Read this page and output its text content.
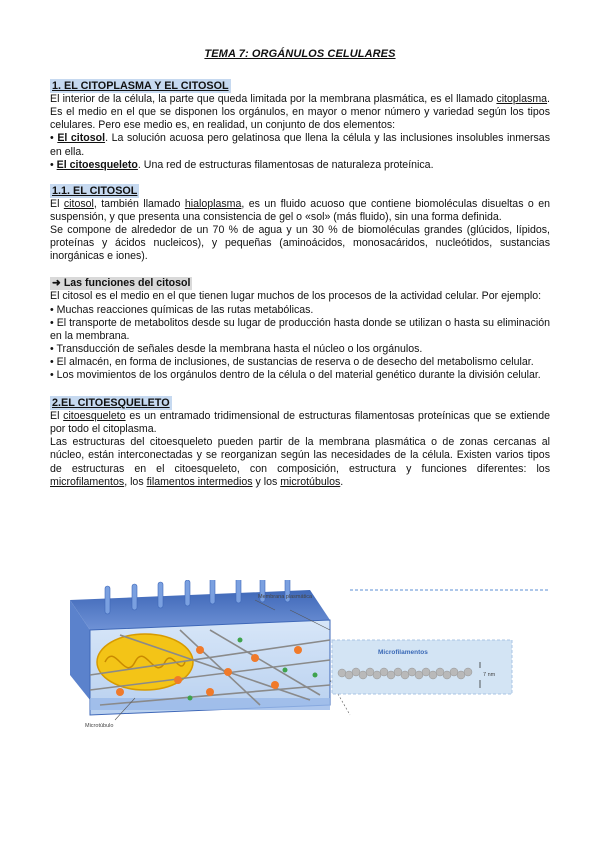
TEMA 7: ORGÁNULOS CELULARES
1. EL CITOPLASMA Y EL CITOSOL

El interior de la célula, la parte que queda limitada por la membrana plasmática, es el llamado citoplasma. Es el medio en el que se disponen los orgánulos, en mayor o menor número y variedad según los tipos celulares. Pero ese medio es, en realidad, un conjunto de dos elementos:

• El citosol. La solución acuosa pero gelatinosa que llena la célula y las inclusiones insolubles inmersas en ella.

• El citoesqueleto. Una red de estructuras filamentosas de naturaleza proteínica.

1.1. EL CITOSOL

El citosol, también llamado hialoplasma, es un fluido acuoso que contiene biomoléculas disueltas o en suspensión, y que presenta una consistencia de gel o «sol» (más fluido), sin una forma definida.

Se compone de alrededor de un 70 % de agua y un 30 % de biomoléculas grandes (glúcidos, lípidos, proteínas y ácidos nucleicos), y pequeñas (aminoácidos, monosacáridos, nucleótidos, sustancias inorgánicas e iones).

➜ Las funciones del citosol

El citosol es el medio en el que tienen lugar muchos de los procesos de la actividad celular. Por ejemplo:

• Muchas reacciones químicas de las rutas metabólicas.

• El transporte de metabolitos desde su lugar de producción hasta donde se utilizan o hasta su eliminación en la membrana.

• Transducción de señales desde la membrana hasta el núcleo o los orgánulos.

• El almacén, en forma de inclusiones, de sustancias de reserva o de desecho del metabolismo celular.

• Los movimientos de los orgánulos dentro de la célula o del material genético durante la división celular.

2.EL CITOESQUELETO

El citoesqueleto es un entramado tridimensional de estructuras filamentosas proteínicas que se extiende por todo el citoplasma.

Las estructuras del citoesqueleto pueden partir de la membrana plasmática o de zonas cercanas al núcleo, están interconectadas y se reorganizan según las necesidades de la célula. Existen varios tipos de estructuras en el citoesqueleto, con composición, estructura y funciones diferentes: los microfilamentos, los filamentos intermedios y los microtúbulos.

Membrana plasmática
Microtúbulo
Microfilamentos
7 nm
